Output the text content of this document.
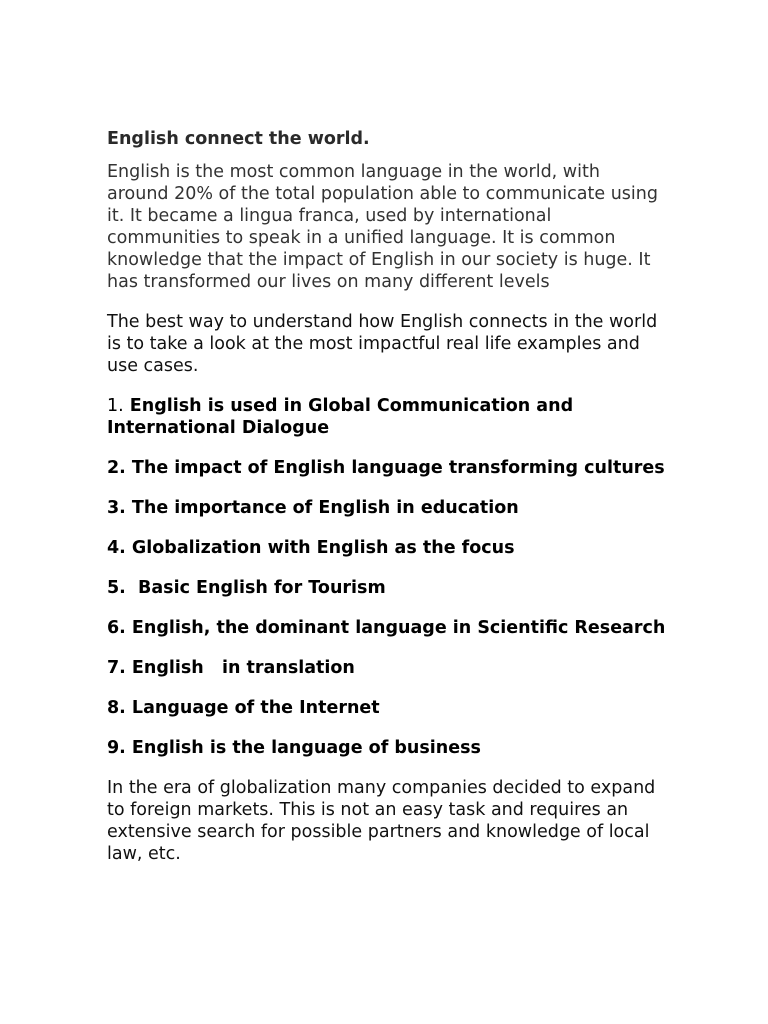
English connect the world.
English is the most common language in the world, with around 20% of the total population able to communicate using it. It became a lingua franca, used by international communities to speak in a unified language. It is common knowledge that the impact of English in our society is huge. It has transformed our lives on many different levels
The best way to understand how English connects in the world is to take a look at the most impactful real life examples and use cases.
1. English is used in Global Communication and International Dialogue
2. The impact of English language transforming cultures
3. The importance of English in education
4. Globalization with English as the focus
5.  Basic English for Tourism
6. English, the dominant language in Scientific Research
7. English   in translation
8. Language of the Internet
9. English is the language of business
In the era of globalization many companies decided to expand to foreign markets. This is not an easy task and requires an extensive search for possible partners and knowledge of local law, etc.
